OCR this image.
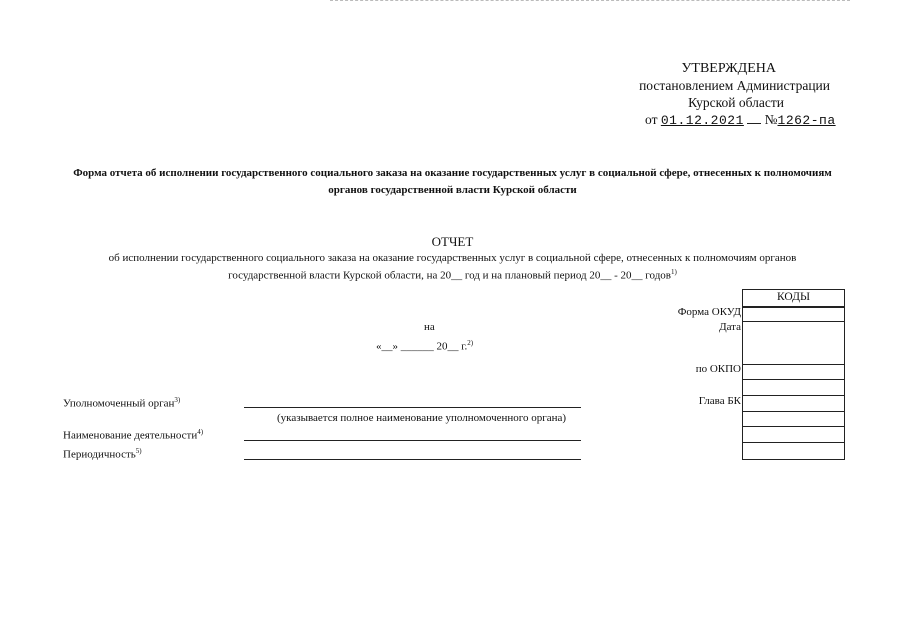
УТВЕРЖДЕНА
постановлением Администрации
Курской области
от 01.12.2021 №1262-па
Форма отчета об исполнении государственного социального заказа на оказание государственных услуг в социальной сфере, отнесенных к полномочиям органов государственной власти Курской области
ОТЧЕТ
об исполнении государственного социального заказа на оказание государственных услуг в социальной сфере, отнесенных к полномочиям органов
государственной власти Курской области, на 20__ год и на плановый период 20__ - 20__ годов$^{1)}$
на
«__» ______ 20__ г.$^{2)}$
Форма ОКУД
Дата
по ОКПО
Глава БК
КОДЫ
Уполномоченный орган$^{3)}$
(указывается полное наименование уполномоченного органа)
Наименование деятельности$^{4)}$
Периодичность$^{5)}$
